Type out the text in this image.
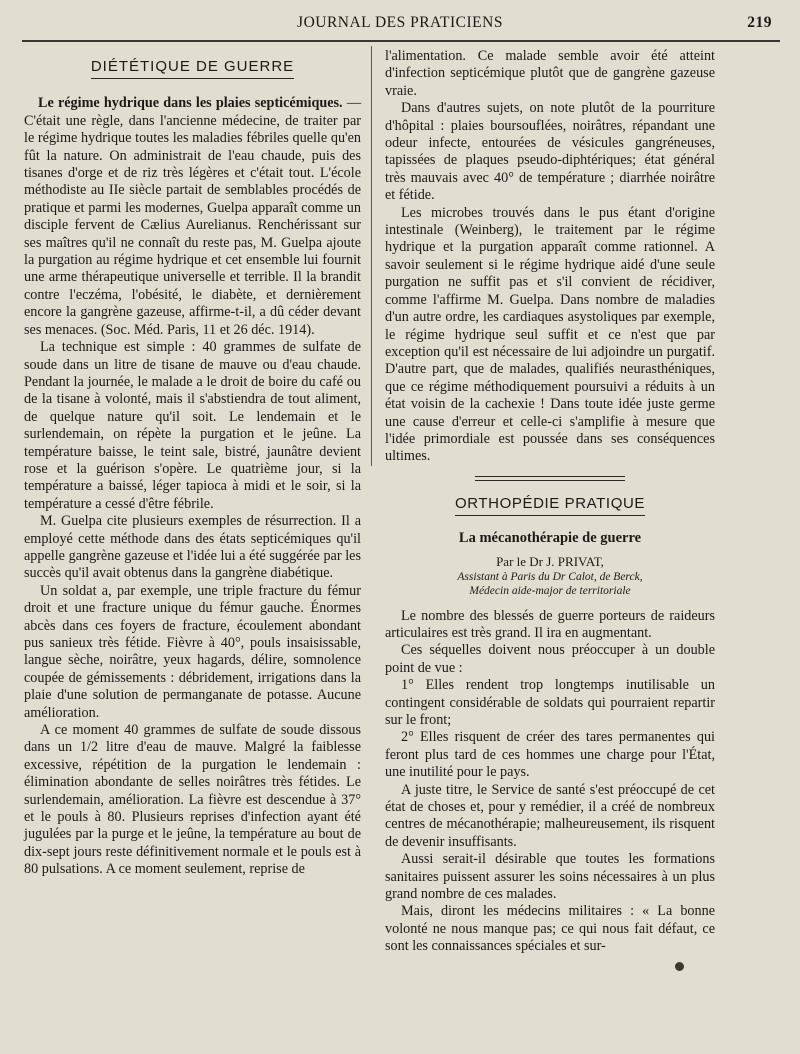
JOURNAL DES PRATICIENS	219
DIÉTÉTIQUE DE GUERRE

Le régime hydrique dans les plaies septicémiques. — C'était une règle, dans l'ancienne médecine, de traiter par le régime hydrique toutes les maladies fébriles quelle qu'en fût la nature. On administrait de l'eau chaude, puis des tisanes d'orge et de riz très légères et c'était tout. L'école méthodiste au IIe siècle partait de semblables procédés de pratique et parmi les modernes, Guelpa apparaît comme un disciple fervent de Cælius Aurelianus. Renchérissant sur ses maîtres qu'il ne connaît du reste pas, M. Guelpa ajoute la purgation au régime hydrique et cet ensemble lui fournit une arme thérapeutique universelle et terrible. Il la brandit contre l'eczéma, l'obésité, le diabète, et dernièrement encore la gangrène gazeuse, affirme-t-il, a dû céder devant ses menaces. (Soc. Méd. Paris, 11 et 26 déc. 1914).

La technique est simple : 40 grammes de sulfate de soude dans un litre de tisane de mauve ou d'eau chaude. Pendant la journée, le malade a le droit de boire du café ou de la tisane à volonté, mais il s'abstiendra de tout aliment, de quelque nature qu'il soit. Le lendemain et le surlendemain, on répète la purgation et le jeûne. La température baisse, le teint sale, bistré, jaunâtre devient rose et la guérison s'opère. Le quatrième jour, si la température a baissé, léger tapioca à midi et le soir, si la température a cessé d'être fébrile.

M. Guelpa cite plusieurs exemples de résurrection. Il a employé cette méthode dans des états septicémiques qu'il appelle gangrène gazeuse et l'idée lui a été suggérée par les succès qu'il avait obtenus dans la gangrène diabétique.

Un soldat a, par exemple, une triple fracture du fémur droit et une fracture unique du fémur gauche. Énormes abcès dans ces foyers de fracture, écoulement abondant pus sanieux très fétide. Fièvre à 40°, pouls insaisissable, langue sèche, noirâtre, yeux hagards, délire, somnolence coupée de gémissements : débridement, irrigations dans la plaie d'une solution de permanganate de potasse. Aucune amélioration.

A ce moment 40 grammes de sulfate de soude dissous dans un 1/2 litre d'eau de mauve. Malgré la faiblesse excessive, répétition de la purgation le lendemain : élimination abondante de selles noirâtres très fétides. Le surlendemain, amélioration. La fièvre est descendue à 37° et le pouls à 80. Plusieurs reprises d'infection ayant été jugulées par la purge et le jeûne, la température au bout de dix-sept jours reste définitivement normale et le pouls est à 80 pulsations. A ce moment seulement, reprise de

l'alimentation. Ce malade semble avoir été atteint d'infection septicémique plutôt que de gangrène gazeuse vraie.

Dans d'autres sujets, on note plutôt de la pourriture d'hôpital : plaies boursouflées, noirâtres, répandant une odeur infecte, entourées de vésicules gangréneuses, tapissées de plaques pseudo-diphtériques; état général très mauvais avec 40° de température ; diarrhée noirâtre et fétide.

Les microbes trouvés dans le pus étant d'origine intestinale (Weinberg), le traitement par le régime hydrique et la purgation apparaît comme rationnel. A savoir seulement si le régime hydrique aidé d'une seule purgation ne suffit pas et s'il convient de récidiver, comme l'affirme M. Guelpa. Dans nombre de maladies d'un autre ordre, les cardiaques asystoliques par exemple, le régime hydrique seul suffit et ce n'est que par exception qu'il est nécessaire de lui adjoindre un purgatif. D'autre part, que de malades, qualifiés neurasthéniques, que ce régime méthodiquement poursuivi a réduits à un état voisin de la cachexie ! Dans toute idée juste germe une cause d'erreur et celle-ci s'amplifie à mesure que l'idée primordiale est poussée dans ses conséquences ultimes.

ORTHOPÉDIE PRATIQUE
La mécanothérapie de guerre
Par le Dr J. PRIVAT,
Assistant à Paris du Dr Calot, de Berck,
Médecin aide-major de territoriale

Le nombre des blessés de guerre porteurs de raideurs articulaires est très grand. Il ira en augmentant.

Ces séquelles doivent nous préoccuper à un double point de vue :

1° Elles rendent trop longtemps inutilisable un contingent considérable de soldats qui pourraient repartir sur le front;

2° Elles risquent de créer des tares permanentes qui feront plus tard de ces hommes une charge pour l'État, une inutilité pour le pays.

A juste titre, le Service de santé s'est préoccupé de cet état de choses et, pour y remédier, il a créé de nombreux centres de mécanothérapie; malheureusement, ils risquent de devenir insuffisants.

Aussi serait-il désirable que toutes les formations sanitaires puissent assurer les soins nécessaires à un plus grand nombre de ces malades.

Mais, diront les médecins militaires : « La bonne volonté ne nous manque pas; ce qui nous fait défaut, ce sont les connaissances spéciales et sur-
